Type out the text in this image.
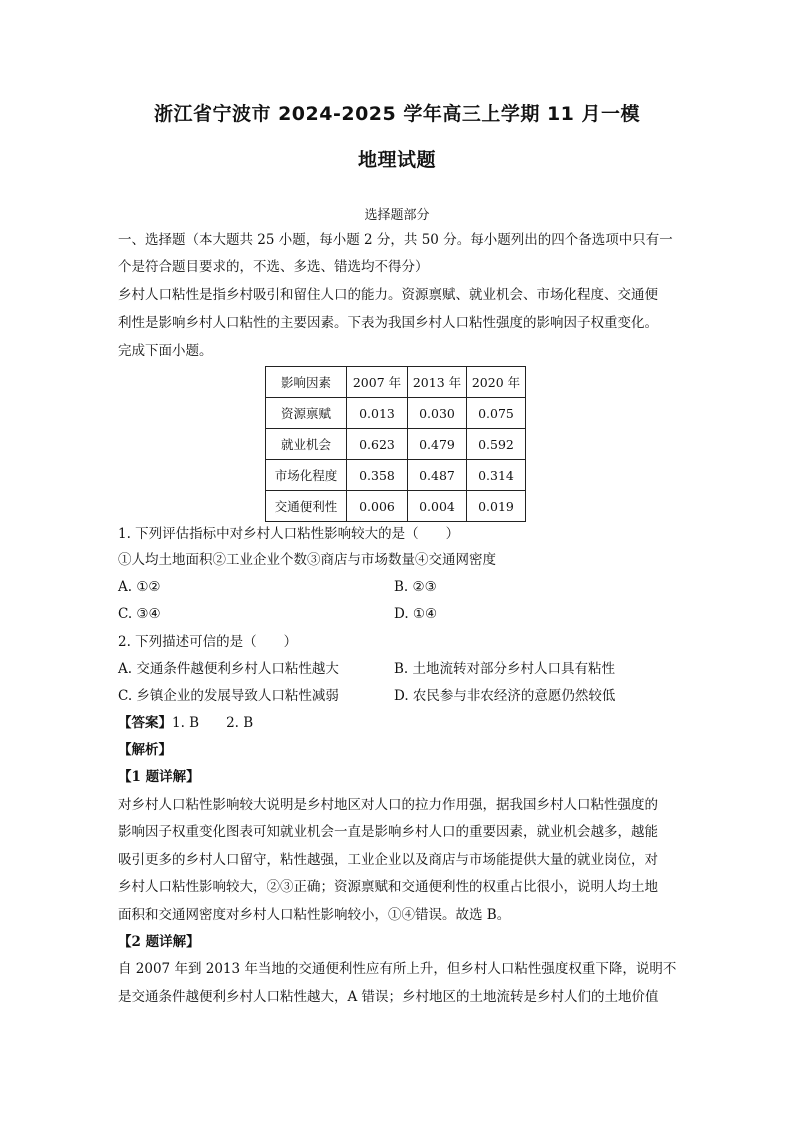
浙江省宁波市 2024-2025 学年高三上学期 11 月一模
地理试题
选择题部分
一、选择题（本大题共 25 小题，每小题 2 分，共 50 分。每小题列出的四个备选项中只有一
个是符合题目要求的，不选、多选、错选均不得分）
乡村人口粘性是指乡村吸引和留住人口的能力。资源禀赋、就业机会、市场化程度、交通便
利性是影响乡村人口粘性的主要因素。下表为我国乡村人口粘性强度的影响因子权重变化。
完成下面小题。
影响因素	2007 年	2013 年	2020 年
资源禀赋	0.013	0.030	0.075
就业机会	0.623	0.479	0.592
市场化程度	0.358	0.487	0.314
交通便利性	0.006	0.004	0.019
1. 下列评估指标中对乡村人口粘性影响较大的是（　　）
①人均土地面积②工业企业个数③商店与市场数量④交通网密度
A. ①②	B. ②③
C. ③④	D. ①④
2. 下列描述可信的是（　　）
A. 交通条件越便利乡村人口粘性越大	B. 土地流转对部分乡村人口具有粘性
C. 乡镇企业的发展导致人口粘性减弱	D. 农民参与非农经济的意愿仍然较低
【答案】1. B　　2. B
【解析】
【1 题详解】
对乡村人口粘性影响较大说明是乡村地区对人口的拉力作用强，据我国乡村人口粘性强度的
影响因子权重变化图表可知就业机会一直是影响乡村人口的重要因素，就业机会越多，越能
吸引更多的乡村人口留守，粘性越强，工业企业以及商店与市场能提供大量的就业岗位，对
乡村人口粘性影响较大，②③正确；资源禀赋和交通便利性的权重占比很小，说明人均土地
面积和交通网密度对乡村人口粘性影响较小，①④错误。故选 B。
【2 题详解】
自 2007 年到 2013 年当地的交通便利性应有所上升，但乡村人口粘性强度权重下降，说明不
是交通条件越便利乡村人口粘性越大，A 错误；乡村地区的土地流转是乡村人们的土地价值
